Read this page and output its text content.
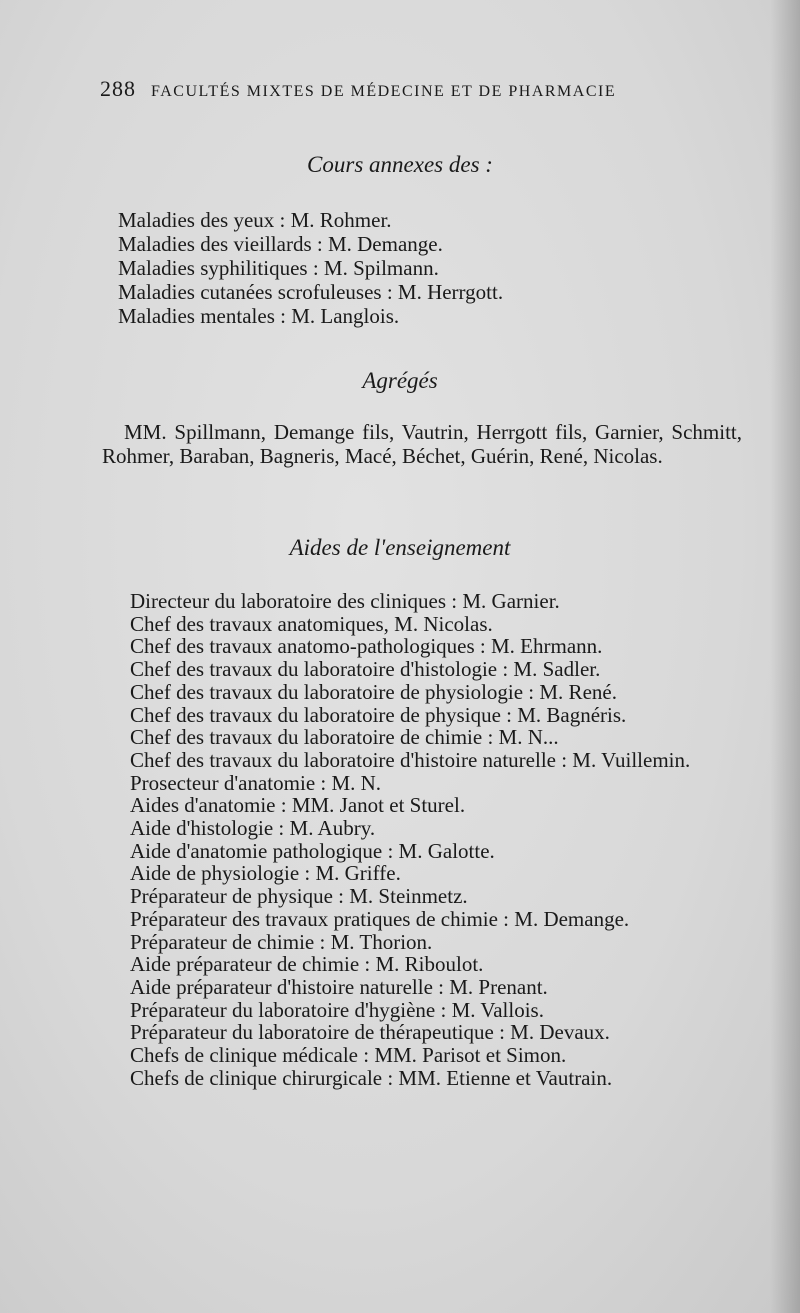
288 FACULTÉS MIXTES DE MÉDECINE ET DE PHARMACIE
Cours annexes des :
Maladies des yeux : M. Rohmer.
Maladies des vieillards : M. Demange.
Maladies syphilitiques : M. Spilmann.
Maladies cutanées scrofuleuses : M. Herrgott.
Maladies mentales : M. Langlois.
Agrégés
MM. Spillmann, Demange fils, Vautrin, Herrgott fils, Garnier, Schmitt, Rohmer, Baraban, Bagneris, Macé, Béchet, Guérin, René, Nicolas.
Aides de l'enseignement
Directeur du laboratoire des cliniques : M. Garnier.
Chef des travaux anatomiques, M. Nicolas.
Chef des travaux anatomo-pathologiques : M. Ehrmann.
Chef des travaux du laboratoire d'histologie : M. Sadler.
Chef des travaux du laboratoire de physiologie : M. René.
Chef des travaux du laboratoire de physique : M. Bagnéris.
Chef des travaux du laboratoire de chimie : M. N...
Chef des travaux du laboratoire d'histoire naturelle : M. Vuillemin.
Prosecteur d'anatomie : M. N.
Aides d'anatomie : MM. Janot et Sturel.
Aide d'histologie : M. Aubry.
Aide d'anatomie pathologique : M. Galotte.
Aide de physiologie : M. Griffe.
Préparateur de physique : M. Steinmetz.
Préparateur des travaux pratiques de chimie : M. Demange.
Préparateur de chimie : M. Thorion.
Aide préparateur de chimie : M. Riboulot.
Aide préparateur d'histoire naturelle : M. Prenant.
Préparateur du laboratoire d'hygiène : M. Vallois.
Préparateur du laboratoire de thérapeutique : M. Devaux.
Chefs de clinique médicale : MM. Parisot et Simon.
Chefs de clinique chirurgicale : MM. Etienne et Vautrain.
